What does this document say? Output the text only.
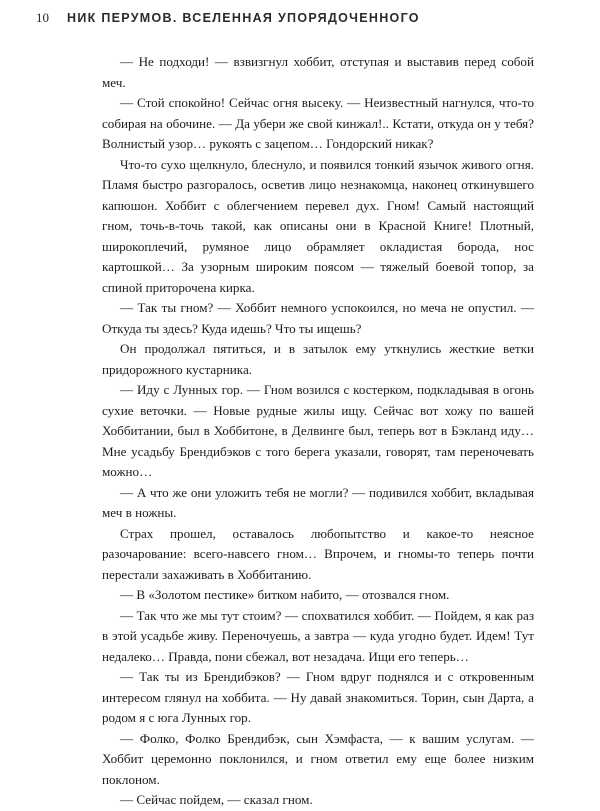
10 НИК ПЕРУМОВ. ВСЕЛЕННАЯ УПОРЯДОЧЕННОГО

— Не подходи! — взвизгнул хоббит, отступая и выставив перед собой меч.

— Стой спокойно! Сейчас огня высеку. — Неизвестный нагнулся, что-то собирая на обочине. — Да убери же свой кинжал!.. Кстати, откуда он у тебя? Волнистый узор… рукоять с зацепом… Гондорский никак?

Что-то сухо щелкнуло, блеснуло, и появился тонкий язычок живого огня. Пламя быстро разгоралось, осветив лицо незнакомца, наконец откинувшего капюшон. Хоббит с облегчением перевел дух. Гном! Самый настоящий гном, точь-в-точь такой, как описаны они в Красной Книге! Плотный, широкоплечий, румяное лицо обрамляет окладистая борода, нос картошкой… За узорным широким поясом — тяжелый боевой топор, за спиной приторочена кирка.

— Так ты гном? — Хоббит немного успокоился, но меча не опустил. — Откуда ты здесь? Куда идешь? Что ты ищешь?

Он продолжал пятиться, и в затылок ему уткнулись жесткие ветки придорожного кустарника.

— Иду с Лунных гор. — Гном возился с костерком, подкладывая в огонь сухие веточки. — Новые рудные жилы ищу. Сейчас вот хожу по вашей Хоббитании, был в Хоббитоне, в Делвинге был, теперь вот в Бэкланд иду… Мне усадьбу Брендибэков с того берега указали, говорят, там переночевать можно…

— А что же они уложить тебя не могли? — подивился хоббит, вкладывая меч в ножны.

Страх прошел, оставалось любопытство и какое-то неясное разочарование: всего-навсего гном… Впрочем, и гномы-то теперь почти перестали захаживать в Хоббитанию.

— В «Золотом пестике» битком набито, — отозвался гном.

— Так что же мы тут стоим? — спохватился хоббит. — Пойдем, я как раз в этой усадьбе живу. Переночуешь, а завтра — куда угодно будет. Идем! Тут недалеко… Правда, пони сбежал, вот незадача. Ищи его теперь…

— Так ты из Брендибэков? — Гном вдруг поднялся и с откровенным интересом глянул на хоббита. — Ну давай знакомиться. Торин, сын Дарта, а родом я с юга Лунных гор.

— Фолко, Фолко Брендибэк, сын Хэмфаста, — к вашим услугам. — Хоббит церемонно поклонился, и гном ответил ему еще более низким поклоном.

— Сейчас пойдем, — сказал гном.
